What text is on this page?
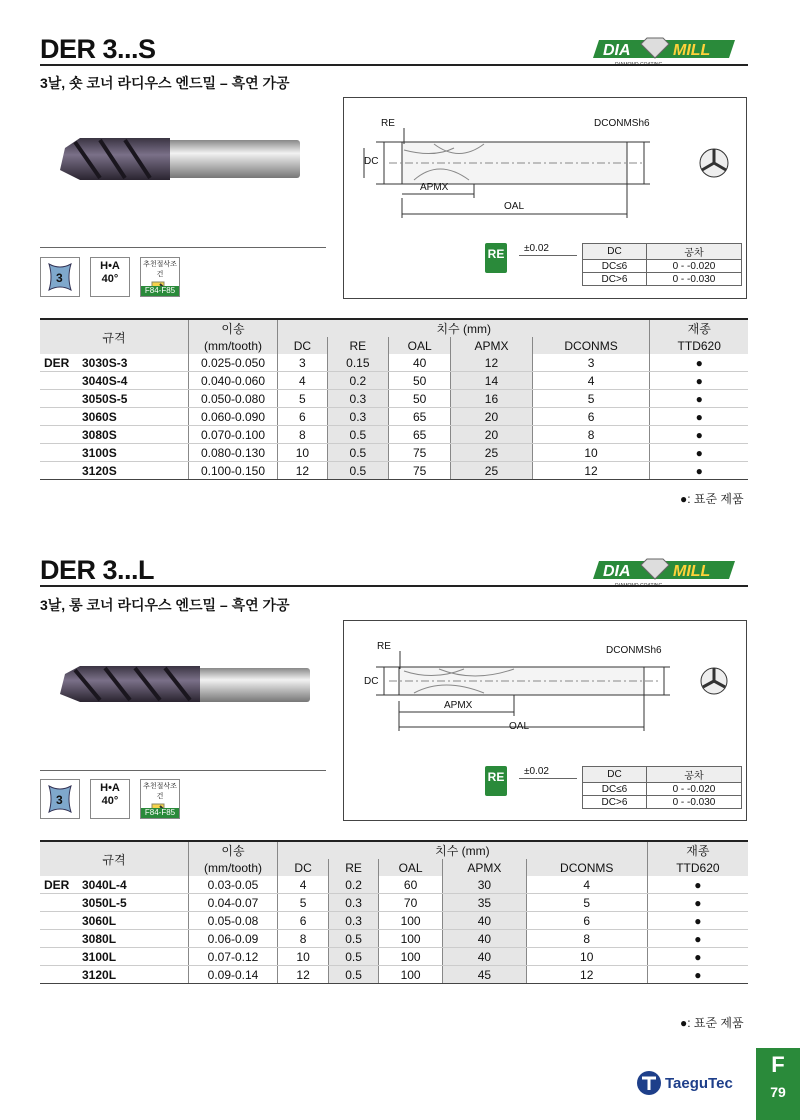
DER 3...S	DIA	MILL
3날, 숏 코너 라디우스 엔드밀 – 흑연 가공
3
H•A
40°
추천절삭조건
F84-F85
RE	DCONMSh6
DC
APMX
OAL
RE ±0.02	DC	공차
DC≤6	0 - -0.020
DC>6	0 - -0.030
규격	이송	치수 (mm)					재종
	(mm/tooth)	DC	RE	OAL	APMX	DCONMS	TTD620
DER 3030S-3	0.025-0.050	3	0.15	40	12	3	●
3040S-4	0.040-0.060	4	0.2	50	14	4	●
3050S-5	0.050-0.080	5	0.3	50	16	5	●
3060S	0.060-0.090	6	0.3	65	20	6	●
3080S	0.070-0.100	8	0.5	65	20	8	●
3100S	0.080-0.130	10	0.5	75	25	10	●
3120S	0.100-0.150	12	0.5	75	25	12	●
●: 표준 제품
DER 3...L	DIA	MILL
3날, 롱 코너 라디우스 엔드밀 – 흑연 가공
3
H•A
40°
추천절삭조건
F84-F85
RE	DCONMSh6
DC
APMX
OAL
RE ±0.02	DC	공차
DC≤6	0 - -0.020
DC>6	0 - -0.030
규격	이송	치수 (mm)					재종
	(mm/tooth)	DC	RE	OAL	APMX	DCONMS	TTD620
DER 3040L-4	0.03-0.05	4	0.2	60	30	4	●
3050L-5	0.04-0.07	5	0.3	70	35	5	●
3060L	0.05-0.08	6	0.3	100	40	6	●
3080L	0.06-0.09	8	0.5	100	40	8	●
3100L	0.07-0.12	10	0.5	100	40	10	●
3120L	0.09-0.14	12	0.5	100	45	12	●
●: 표준 제품
TaeguTec
F
79
